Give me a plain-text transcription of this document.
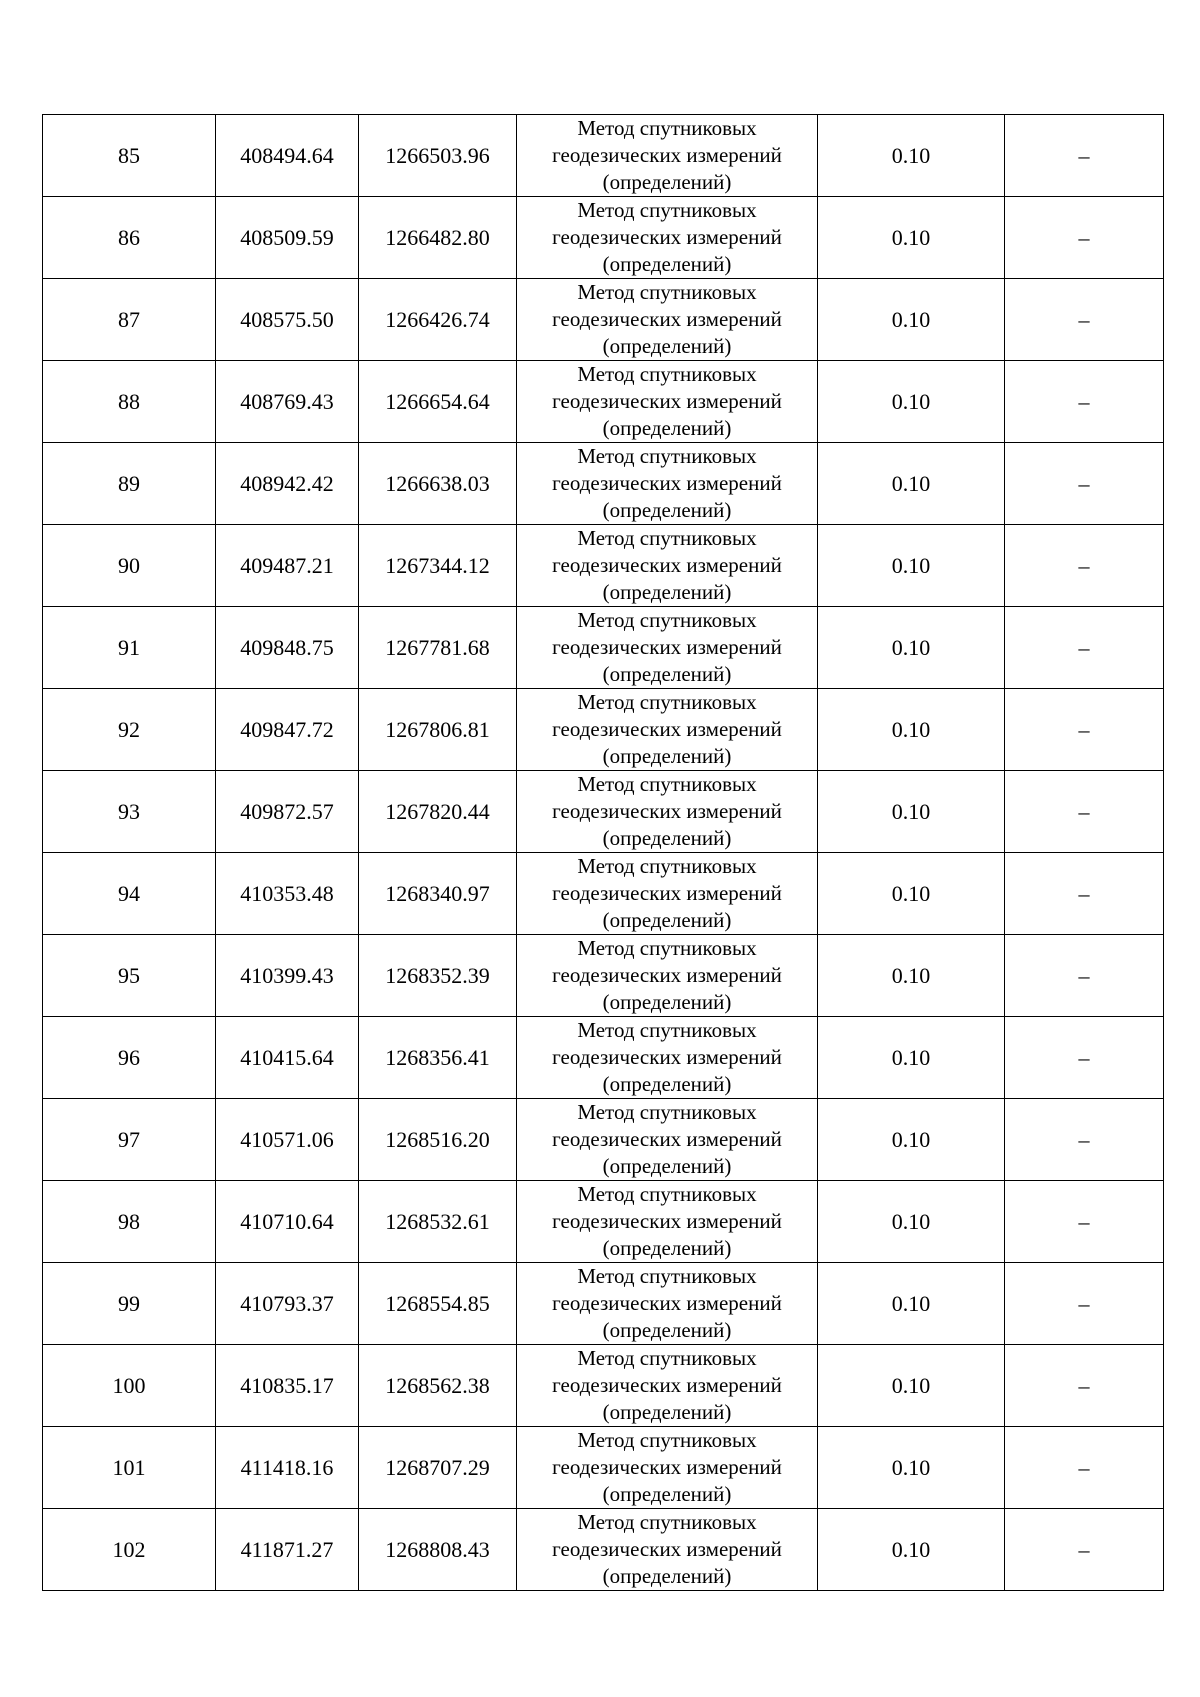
85	408494.64	1266503.96	Метод спутниковых
геодезических измерений
(определений)	0.10	–
86	408509.59	1266482.80	Метод спутниковых
геодезических измерений
(определений)	0.10	–
87	408575.50	1266426.74	Метод спутниковых
геодезических измерений
(определений)	0.10	–
88	408769.43	1266654.64	Метод спутниковых
геодезических измерений
(определений)	0.10	–
89	408942.42	1266638.03	Метод спутниковых
геодезических измерений
(определений)	0.10	–
90	409487.21	1267344.12	Метод спутниковых
геодезических измерений
(определений)	0.10	–
91	409848.75	1267781.68	Метод спутниковых
геодезических измерений
(определений)	0.10	–
92	409847.72	1267806.81	Метод спутниковых
геодезических измерений
(определений)	0.10	–
93	409872.57	1267820.44	Метод спутниковых
геодезических измерений
(определений)	0.10	–
94	410353.48	1268340.97	Метод спутниковых
геодезических измерений
(определений)	0.10	–
95	410399.43	1268352.39	Метод спутниковых
геодезических измерений
(определений)	0.10	–
96	410415.64	1268356.41	Метод спутниковых
геодезических измерений
(определений)	0.10	–
97	410571.06	1268516.20	Метод спутниковых
геодезических измерений
(определений)	0.10	–
98	410710.64	1268532.61	Метод спутниковых
геодезических измерений
(определений)	0.10	–
99	410793.37	1268554.85	Метод спутниковых
геодезических измерений
(определений)	0.10	–
100	410835.17	1268562.38	Метод спутниковых
геодезических измерений
(определений)	0.10	–
101	411418.16	1268707.29	Метод спутниковых
геодезических измерений
(определений)	0.10	–
102	411871.27	1268808.43	Метод спутниковых
геодезических измерений
(определений)	0.10	–
